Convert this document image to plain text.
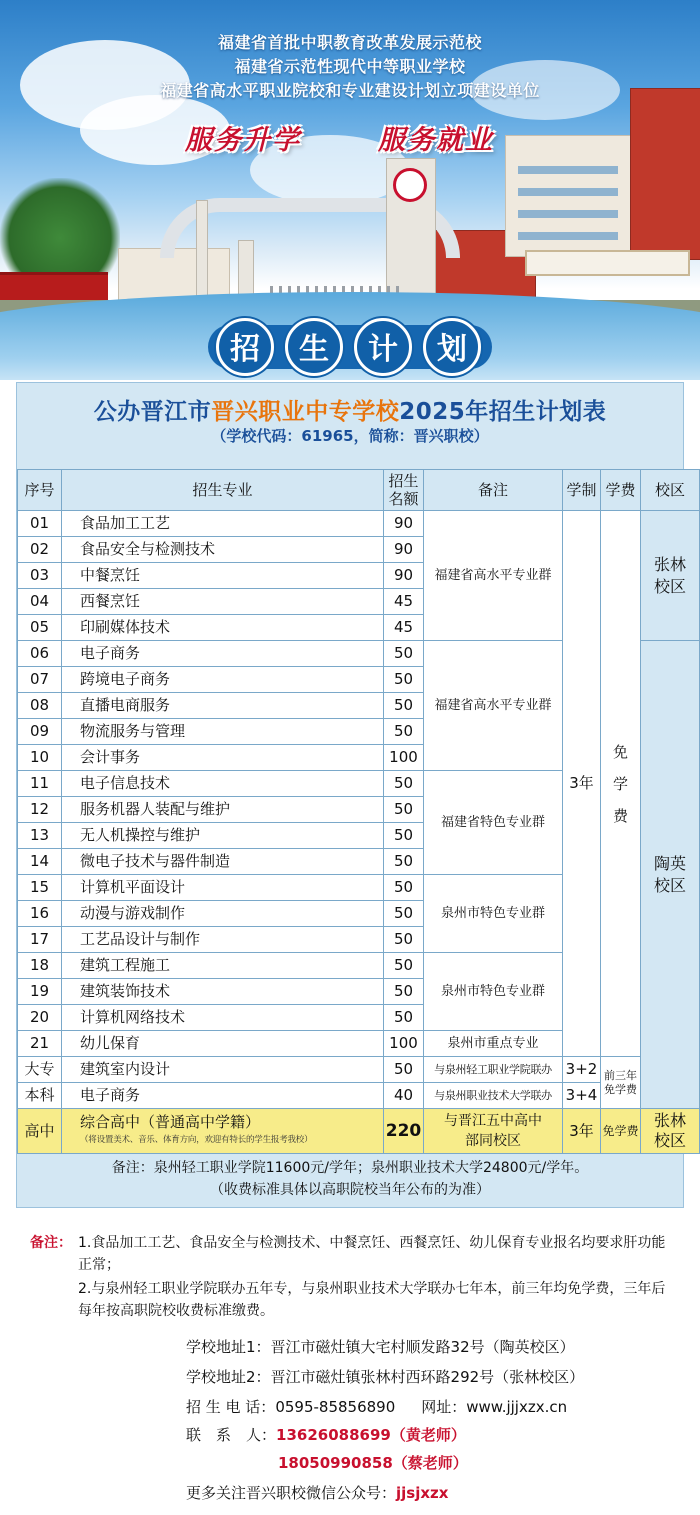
福建省首批中职教育改革发展示范校
福建省示范性现代中等职业学校
福建省高水平职业院校和专业建设计划立项建设单位
服务升学	服务就业
招	生	计	划
公办晋江市晋兴职业中专学校2025年招生计划表
（学校代码：61965，简称：晋兴职校）
序号	招生专业	招生名额	备注	学制	学费	校区
01	食品加工工艺	90	福建省高水平专业群	3年	免学费	张林校区
02	食品安全与检测技术	90				
03	中餐烹饪	90				
04	西餐烹饪	45				
05	印刷媒体技术	45				
06	电子商务	50	福建省高水平专业群			陶英校区
07	跨境电子商务	50				
08	直播电商服务	50				
09	物流服务与管理	50				
10	会计事务	100				
11	电子信息技术	50	福建省特色专业群			
12	服务机器人装配与维护	50				
13	无人机操控与维护	50				
14	微电子技术与器件制造	50				
15	计算机平面设计	50	泉州市特色专业群			
16	动漫与游戏制作	50				
17	工艺品设计与制作	50				
18	建筑工程施工	50	泉州市特色专业群			
19	建筑装饰技术	50				
20	计算机网络技术	50				
21	幼儿保育	100	泉州市重点专业			
大专	建筑室内设计	50	与泉州轻工职业学院联办	3+2	前三年免学费	
本科	电子商务	40	与泉州职业技术大学联办	3+4		
高中	综合高中（普通高中学籍）
（将设置美术、音乐、体育方向，欢迎有特长的学生报考我校）	220	与晋江五中高中部同校区	3年	免学费	张林校区
备注：泉州轻工职业学院11600元/学年；泉州职业技术大学24800元/学年。
（收费标准具体以高职院校当年公布的为准）
备注： 1.食品加工工艺、食品安全与检测技术、中餐烹饪、西餐烹饪、幼儿保育专业报名均要求肝功能正常；
2.与泉州轻工职业学院联办五年专，与泉州职业技术大学联办七年本，前三年均免学费，三年后每年按高职院校收费标准缴费。
学校地址1：晋江市磁灶镇大宅村顺发路32号（陶英校区）
学校地址2：晋江市磁灶镇张林村西环路292号（张林校区）
招 生 电 话：0595-85856890 网址：www.jjjxzx.cn
联　系　人：13626088699（黄老师）
18050990858（蔡老师）
更多关注晋兴职校微信公众号：jjsjxzx
